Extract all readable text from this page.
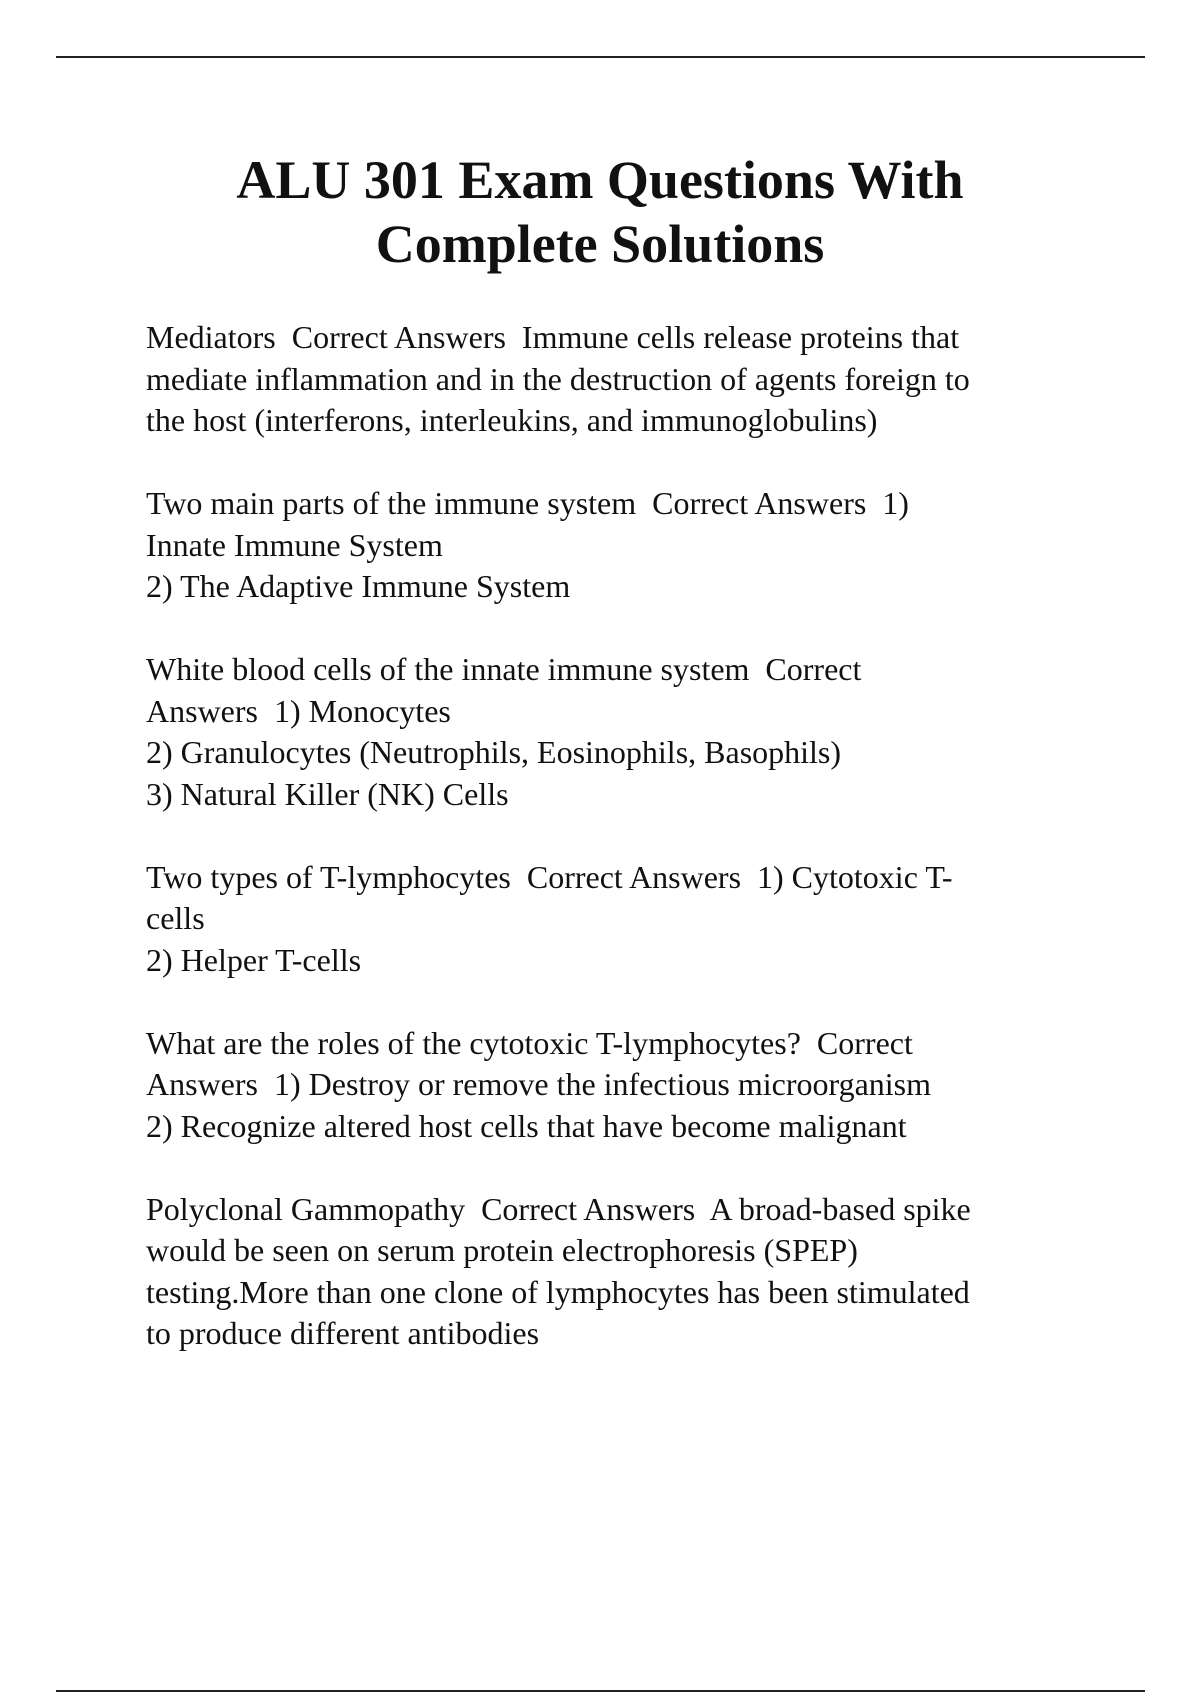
ALU 301 Exam Questions With
Complete Solutions
Mediators  Correct Answers  Immune cells release proteins that
mediate inflammation and in the destruction of agents foreign to
the host (interferons, interleukins, and immunoglobulins)
Two main parts of the immune system  Correct Answers  1)
Innate Immune System
2) The Adaptive Immune System
White blood cells of the innate immune system  Correct
Answers  1) Monocytes
2) Granulocytes (Neutrophils, Eosinophils, Basophils)
3) Natural Killer (NK) Cells
Two types of T-lymphocytes  Correct Answers  1) Cytotoxic T-
cells
2) Helper T-cells
What are the roles of the cytotoxic T-lymphocytes?  Correct
Answers  1) Destroy or remove the infectious microorganism
2) Recognize altered host cells that have become malignant
Polyclonal Gammopathy  Correct Answers  A broad-based spike
would be seen on serum protein electrophoresis (SPEP)
testing.More than one clone of lymphocytes has been stimulated
to produce different antibodies
